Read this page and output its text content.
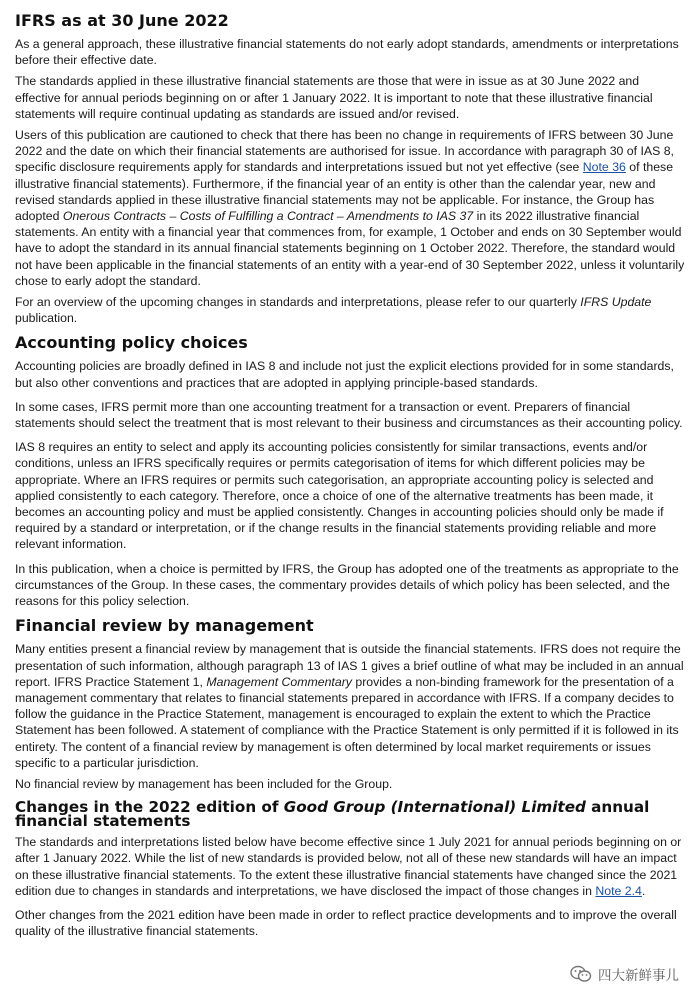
IFRS as at 30 June 2022

As a general approach, these illustrative financial statements do not early adopt standards, amendments or interpretations before their effective date.

The standards applied in these illustrative financial statements are those that were in issue as at 30 June 2022 and effective for annual periods beginning on or after 1 January 2022. It is important to note that these illustrative financial statements will require continual updating as standards are issued and/or revised.

Users of this publication are cautioned to check that there has been no change in requirements of IFRS between 30 June 2022 and the date on which their financial statements are authorised for issue. In accordance with paragraph 30 of IAS 8, specific disclosure requirements apply for standards and interpretations issued but not yet effective (see Note 36 of these illustrative financial statements). Furthermore, if the financial year of an entity is other than the calendar year, new and revised standards applied in these illustrative financial statements may not be applicable. For instance, the Group has adopted Onerous Contracts – Costs of Fulfilling a Contract – Amendments to IAS 37 in its 2022 illustrative financial statements. An entity with a financial year that commences from, for example, 1 October and ends on 30 September would have to adopt the standard in its annual financial statements beginning on 1 October 2022. Therefore, the standard would not have been applicable in the financial statements of an entity with a year-end of 30 September 2022, unless it voluntarily chose to early adopt the standard.

For an overview of the upcoming changes in standards and interpretations, please refer to our quarterly IFRS Update publication.

Accounting policy choices

Accounting policies are broadly defined in IAS 8 and include not just the explicit elections provided for in some standards, but also other conventions and practices that are adopted in applying principle-based standards.

In some cases, IFRS permit more than one accounting treatment for a transaction or event. Preparers of financial statements should select the treatment that is most relevant to their business and circumstances as their accounting policy.

IAS 8 requires an entity to select and apply its accounting policies consistently for similar transactions, events and/or conditions, unless an IFRS specifically requires or permits categorisation of items for which different policies may be appropriate. Where an IFRS requires or permits such categorisation, an appropriate accounting policy is selected and applied consistently to each category. Therefore, once a choice of one of the alternative treatments has been made, it becomes an accounting policy and must be applied consistently. Changes in accounting policies should only be made if required by a standard or interpretation, or if the change results in the financial statements providing reliable and more relevant information.

In this publication, when a choice is permitted by IFRS, the Group has adopted one of the treatments as appropriate to the circumstances of the Group. In these cases, the commentary provides details of which policy has been selected, and the reasons for this policy selection.

Financial review by management

Many entities present a financial review by management that is outside the financial statements. IFRS does not require the presentation of such information, although paragraph 13 of IAS 1 gives a brief outline of what may be included in an annual report. IFRS Practice Statement 1, Management Commentary provides a non-binding framework for the presentation of a management commentary that relates to financial statements prepared in accordance with IFRS. If a company decides to follow the guidance in the Practice Statement, management is encouraged to explain the extent to which the Practice Statement has been followed. A statement of compliance with the Practice Statement is only permitted if it is followed in its entirety. The content of a financial review by management is often determined by local market requirements or issues specific to a particular jurisdiction.

No financial review by management has been included for the Group.

Changes in the 2022 edition of Good Group (International) Limited annual financial statements

The standards and interpretations listed below have become effective since 1 July 2021 for annual periods beginning on or after 1 January 2022. While the list of new standards is provided below, not all of these new standards will have an impact on these illustrative financial statements. To the extent these illustrative financial statements have changed since the 2021 edition due to changes in standards and interpretations, we have disclosed the impact of those changes in Note 2.4.

Other changes from the 2021 edition have been made in order to reflect practice developments and to improve the overall quality of the illustrative financial statements.

四大新鲜事儿
